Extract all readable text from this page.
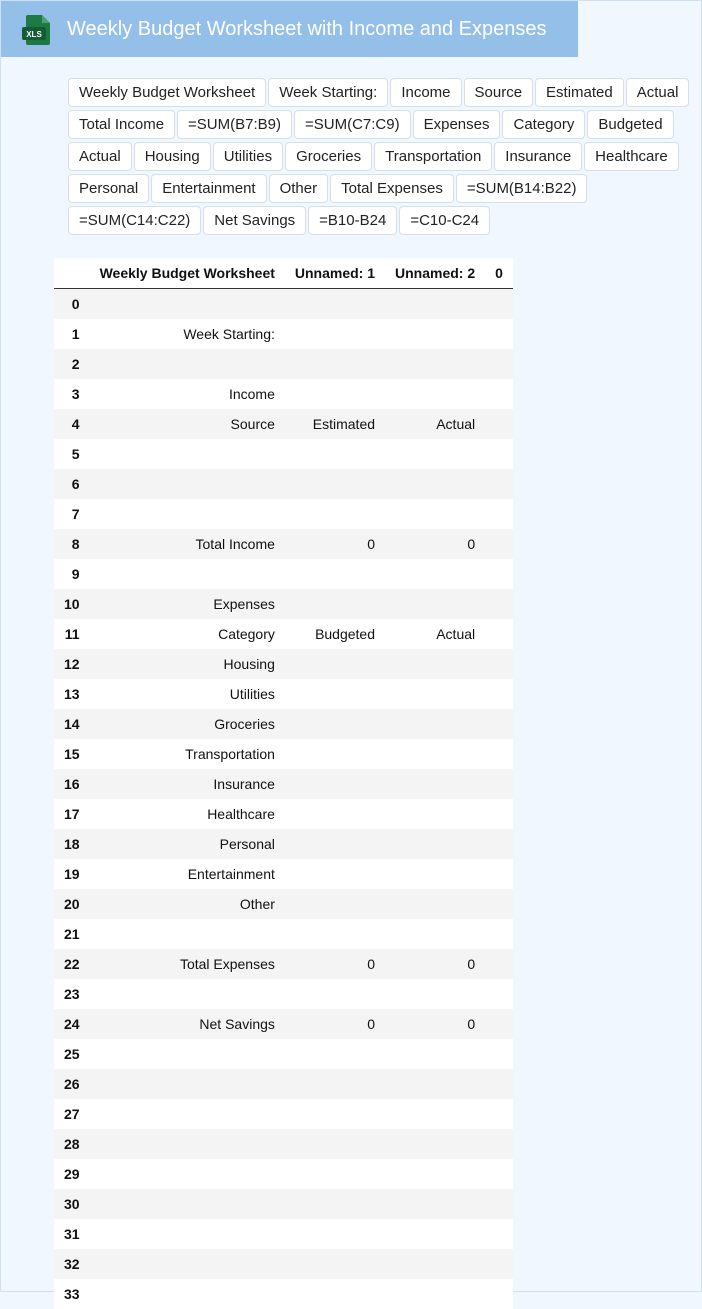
XLS Weekly Budget Worksheet with Income and Expenses
Weekly Budget Worksheet	Week Starting:	Income	Source	Estimated	Actual
Total Income	=SUM(B7:B9)	=SUM(C7:C9)	Expenses	Category	Budgeted
Actual	Housing	Utilities	Groceries	Transportation	Insurance	Healthcare
Personal	Entertainment	Other	Total Expenses	=SUM(B14:B22)
=SUM(C14:C22)	Net Savings	=B10-B24	=C10-C24
	Weekly Budget Worksheet	Unnamed: 1	Unnamed: 2	0
0				
1	Week Starting:			
2				
3	Income			
4	Source	Estimated	Actual	
5				
6				
7				
8	Total Income	0	0	
9				
10	Expenses			
11	Category	Budgeted	Actual	
12	Housing			
13	Utilities			
14	Groceries			
15	Transportation			
16	Insurance			
17	Healthcare			
18	Personal			
19	Entertainment			
20	Other			
21				
22	Total Expenses	0	0	
23				
24	Net Savings	0	0	
25				
26				
27				
28				
29				
30				
31				
32				
33				
